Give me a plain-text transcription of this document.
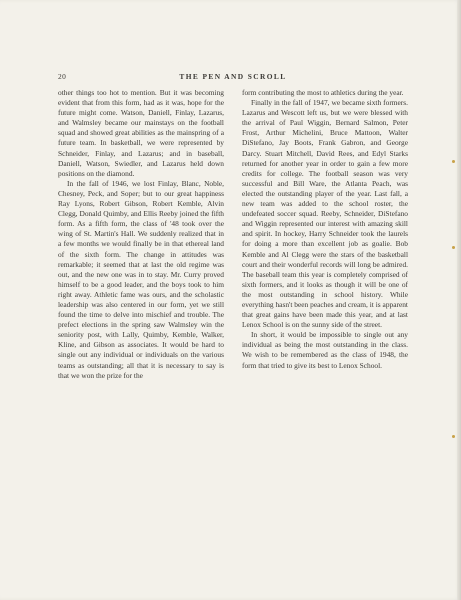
20	THE PEN AND SCROLL

other things too hot to mention. But it was becoming evident that from this form, had as it was, hope for the future might come. Watson, Daniell, Finlay, Lazarus, and Walmsley became our mainstays on the football squad and showed great abilities as the mainspring of a future team. In basketball, we were represented by Schneider, Finlay, and Lazarus; and in baseball, Daniell, Watson, Swiedler, and Lazarus held down positions on the diamond.

In the fall of 1946, we lost Finlay, Blanc, Noble, Chesney, Peck, and Soper; but to our great happiness Ray Lyons, Robert Gibson, Robert Kemble, Alvin Clegg, Donald Quimby, and Ellis Reeby joined the fifth form. As a fifth form, the class of '48 took over the wing of St. Martin's Hall. We suddenly realized that in a few months we would finally be in that ethereal land of the sixth form. The change in attitudes was remarkable; it seemed that at last the old regime was out, and the new one was in to stay. Mr. Curry proved himself to be a good leader, and the boys took to him right away. Athletic fame was ours, and the scholastic leadership was also centered in our form, yet we still found the time to delve into mischief and trouble. The prefect elections in the spring saw Walmsley win the seniority post, with Lally, Quimby, Kemble, Walker, Kline, and Gibson as associates. It would be hard to single out any individual or individuals on the various teams as outstanding; all that it is necessary to say is that we won the prize for the

form contributing the most to athletics during the year.

Finally in the fall of 1947, we became sixth formers. Lazarus and Wescott left us, but we were blessed with the arrival of Paul Wiggin, Bernard Salmon, Peter Frost, Arthur Michelini, Bruce Mattoon, Walter DiStefano, Jay Boots, Frank Gabron, and George Darcy. Stuart Mitchell, David Rees, and Edyl Starks returned for another year in order to gain a few more credits for college. The football season was very successful and Bill Ware, the Atlanta Peach, was elected the outstanding player of the year. Last fall, a new team was added to the school roster, the undefeated soccer squad. Reeby, Schneider, DiStefano and Wiggin represented our interest with amazing skill and spirit. In hockey, Harry Schneider took the laurels for doing a more than excellent job as goalie. Bob Kemble and Al Clegg were the stars of the basketball court and their wonderful records will long be admired. The baseball team this year is completely comprised of sixth formers, and it looks as though it will be one of the most outstanding in school history. While everything hasn't been peaches and cream, it is apparent that great gains have been made this year, and at last Lenox School is on the sunny side of the street.

In short, it would be impossible to single out any individual as being the most outstanding in the class. We wish to be remembered as the class of 1948, the form that tried to give its best to Lenox School.
